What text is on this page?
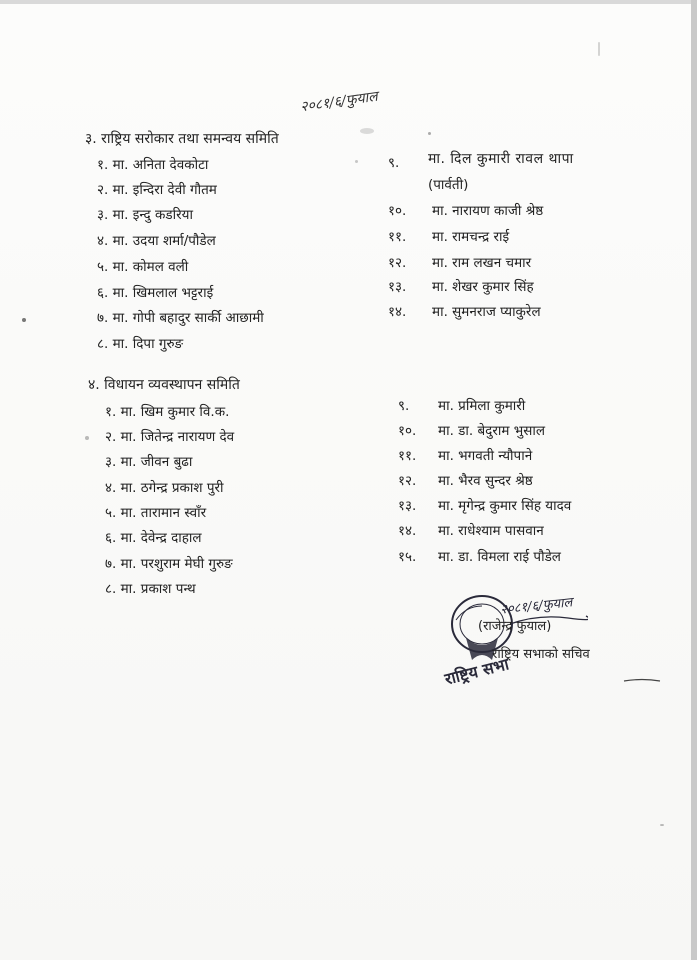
२०८१/६/फुयाल
३. राष्ट्रिय सरोकार तथा समन्वय समिति
१. मा. अनिता देवकोटा
२. मा. इन्दिरा देवी गौतम
३. मा. इन्दु कडरिया
४. मा. उदया शर्मा/पौडेल
५. मा. कोमल वली
६. मा. खिमलाल भट्टराई
७. मा. गोपी बहादुर सार्की आछामी
८. मा. दिपा गुरुङ
९. मा. दिल कुमारी रावल थापा
(पार्वती)
१०. मा. नारायण काजी श्रेष्ठ
११. मा. रामचन्द्र राई
१२. मा. राम लखन चमार
१३. मा. शेखर कुमार सिंह
१४. मा. सुमनराज प्याकुरेल
४. विधायन व्यवस्थापन समिति
१. मा. खिम कुमार वि.क.
२. मा. जितेन्द्र नारायण देव
३. मा. जीवन बुढा
४. मा. ठगेन्द्र प्रकाश पुरी
५. मा. तारामान स्वाँर
६. मा. देवेन्द्र दाहाल
७. मा. परशुराम मेघी गुरुङ
८. मा. प्रकाश पन्थ
९. मा. प्रमिला कुमारी
१०. मा. डा. बेदुराम भुसाल
११. मा. भगवती न्यौपाने
१२. मा. भैरव सुन्दर श्रेष्ठ
१३. मा. मृगेन्द्र कुमार सिंह यादव
१४. मा. राधेश्याम पासवान
१५. मा. डा. विमला राई पौडेल
२०८१/६/फुयाल
(राजेन्द्र फुयाल)
राष्ट्रिय सभाको सचिव
राष्ट्रिय सभा
